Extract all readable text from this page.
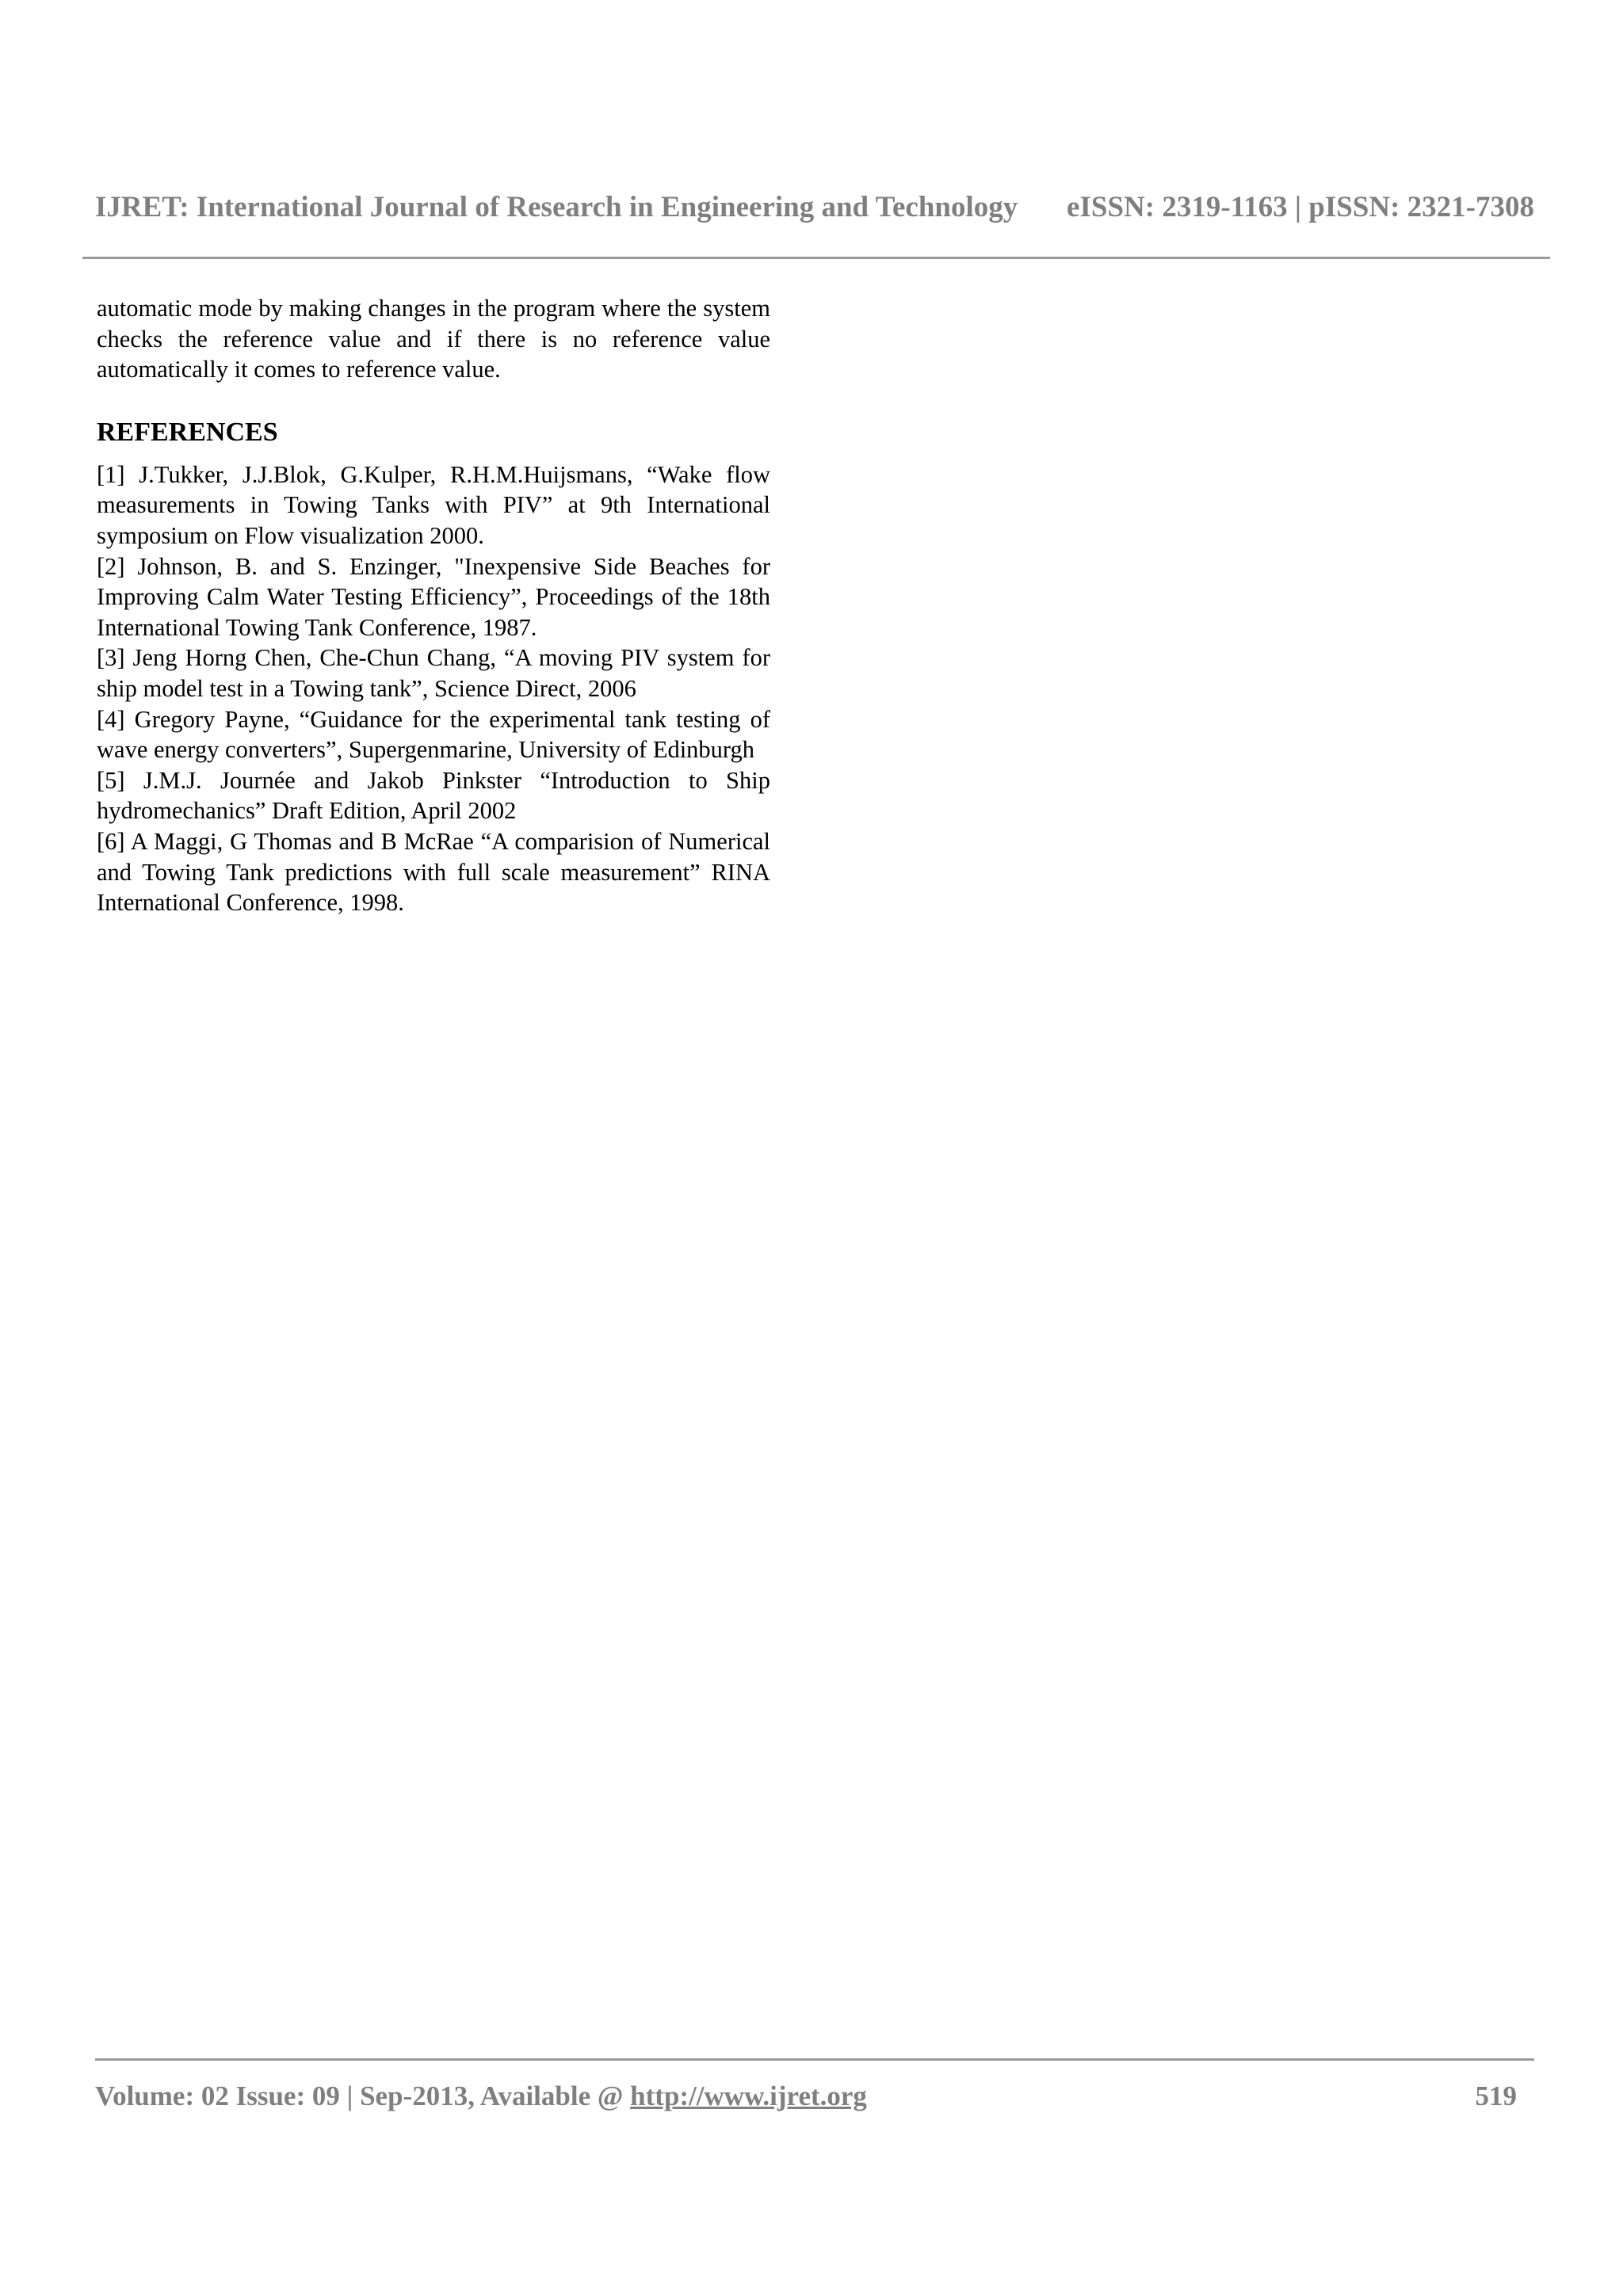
IJRET: International Journal of Research in Engineering and Technology eISSN: 2319-1163 | pISSN: 2321-7308

automatic mode by making changes in the program where the system checks the reference value and if there is no reference value automatically it comes to reference value.

REFERENCES
[1] J.Tukker, J.J.Blok, G.Kulper, R.H.M.Huijsmans, “Wake flow measurements in Towing Tanks with PIV” at 9th International symposium on Flow visualization 2000.
[2] Johnson, B. and S. Enzinger, "Inexpensive Side Beaches for Improving Calm Water Testing Efficiency”, Proceedings of the 18th International Towing Tank Conference, 1987.
[3] Jeng Horng Chen, Che-Chun Chang, “A moving PIV system for ship model test in a Towing tank”, Science Direct, 2006
[4] Gregory Payne, “Guidance for the experimental tank testing of wave energy converters”, Supergenmarine, University of Edinburgh
[5] J.M.J. Journée and Jakob Pinkster “Introduction to Ship hydromechanics” Draft Edition, April 2002
[6] A Maggi, G Thomas and B McRae “A comparision of Numerical and Towing Tank predictions with full scale measurement” RINA International Conference, 1998.
Volume: 02 Issue: 09 | Sep-2013, Available @ http://www.ijret.org	519
